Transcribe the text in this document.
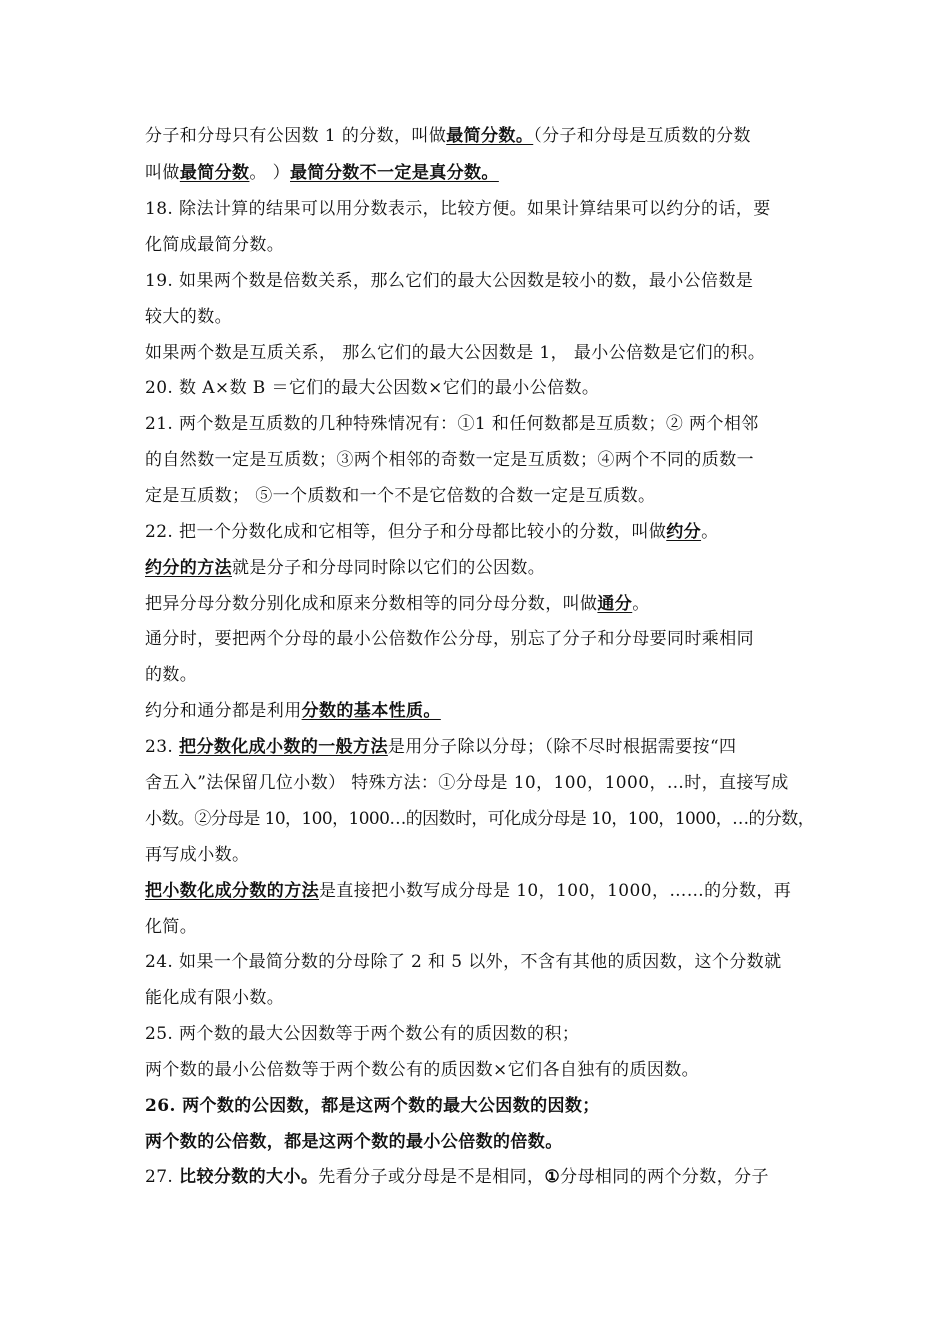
分子和分母只有公因数 1 的分数，叫做最简分数。（分子和分母是互质数的分数
叫做最简分数。 ）最简分数不一定是真分数。
18. 除法计算的结果可以用分数表示，比较方便。如果计算结果可以约分的话，要
化简成最简分数。
19. 如果两个数是倍数关系，那么它们的最大公因数是较小的数，最小公倍数是
较大的数。
如果两个数是互质关系， 那么它们的最大公因数是 1， 最小公倍数是它们的积。
20. 数 A×数 B ＝它们的最大公因数×它们的最小公倍数。
21. 两个数是互质数的几种特殊情况有：①1 和任何数都是互质数；② 两个相邻
的自然数一定是互质数；③两个相邻的奇数一定是互质数；④两个不同的质数一
定是互质数； ⑤一个质数和一个不是它倍数的合数一定是互质数。
22. 把一个分数化成和它相等，但分子和分母都比较小的分数，叫做约分。
约分的方法就是分子和分母同时除以它们的公因数。
把异分母分数分别化成和原来分数相等的同分母分数，叫做通分。
通分时，要把两个分母的最小公倍数作公分母，别忘了分子和分母要同时乘相同
的数。
约分和通分都是利用分数的基本性质。
23. 把分数化成小数的一般方法是用分子除以分母；（除不尽时根据需要按“四
舍五入”法保留几位小数） 特殊方法：①分母是 10，100，1000，…时，直接写成
小数。②分母是 10，100，1000…的因数时，可化成分母是 10，100，1000，…的分数，
再写成小数。
把小数化成分数的方法是直接把小数写成分母是 10，100，1000，……的分数，再
化简。
24. 如果一个最简分数的分母除了 2 和 5 以外，不含有其他的质因数，这个分数就
能化成有限小数。
25. 两个数的最大公因数等于两个数公有的质因数的积；
两个数的最小公倍数等于两个数公有的质因数×它们各自独有的质因数。
26. 两个数的公因数，都是这两个数的最大公因数的因数；
两个数的公倍数，都是这两个数的最小公倍数的倍数。
27. 比较分数的大小。先看分子或分母是不是相同，①分母相同的两个分数，分子
